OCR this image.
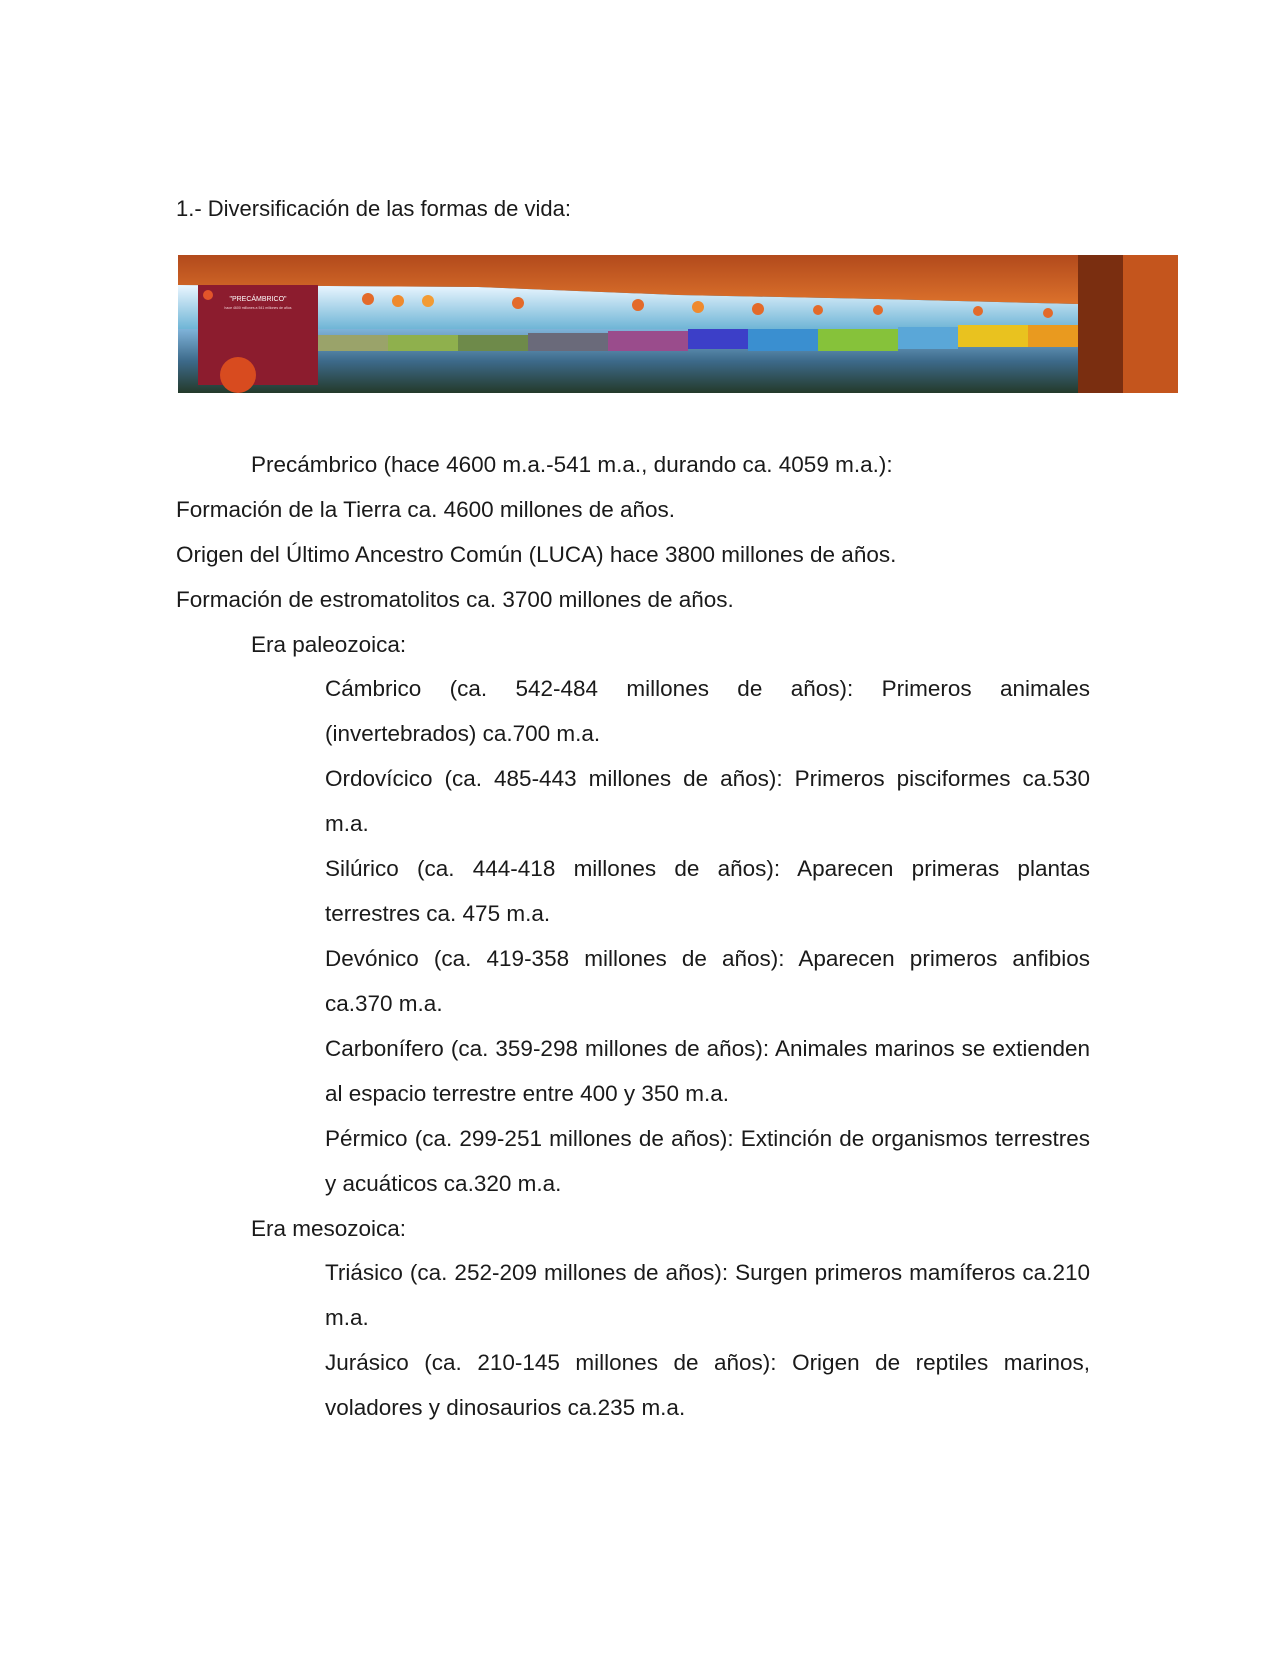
1.- Diversificación de las formas de vida:
"PRECÁMBRICO"
hace 4600 millones a 541 millones de años
Precámbrico (hace 4600 m.a.-541 m.a., durando ca. 4059 m.a.):
Formación de la Tierra ca. 4600 millones de años.
Origen del Último Ancestro Común (LUCA) hace 3800 millones de años.
Formación de estromatolitos ca. 3700 millones de años.
Era paleozoica:
Cámbrico (ca. 542-484 millones de años): Primeros animales (invertebrados) ca.700 m.a.
Ordovícico (ca. 485-443 millones de años): Primeros pisciformes ca.530 m.a.
Silúrico (ca. 444-418 millones de años): Aparecen primeras plantas terrestres ca. 475 m.a.
Devónico (ca. 419-358 millones de años): Aparecen primeros anfibios ca.370 m.a.
Carbonífero (ca. 359-298 millones de años): Animales marinos se extienden al espacio terrestre entre 400 y 350 m.a.
Pérmico (ca. 299-251 millones de años): Extinción de organismos terrestres y acuáticos ca.320 m.a.
Era mesozoica:
Triásico (ca. 252-209 millones de años): Surgen primeros mamíferos ca.210 m.a.
Jurásico (ca. 210-145 millones de años): Origen de reptiles marinos, voladores y dinosaurios ca.235 m.a.
